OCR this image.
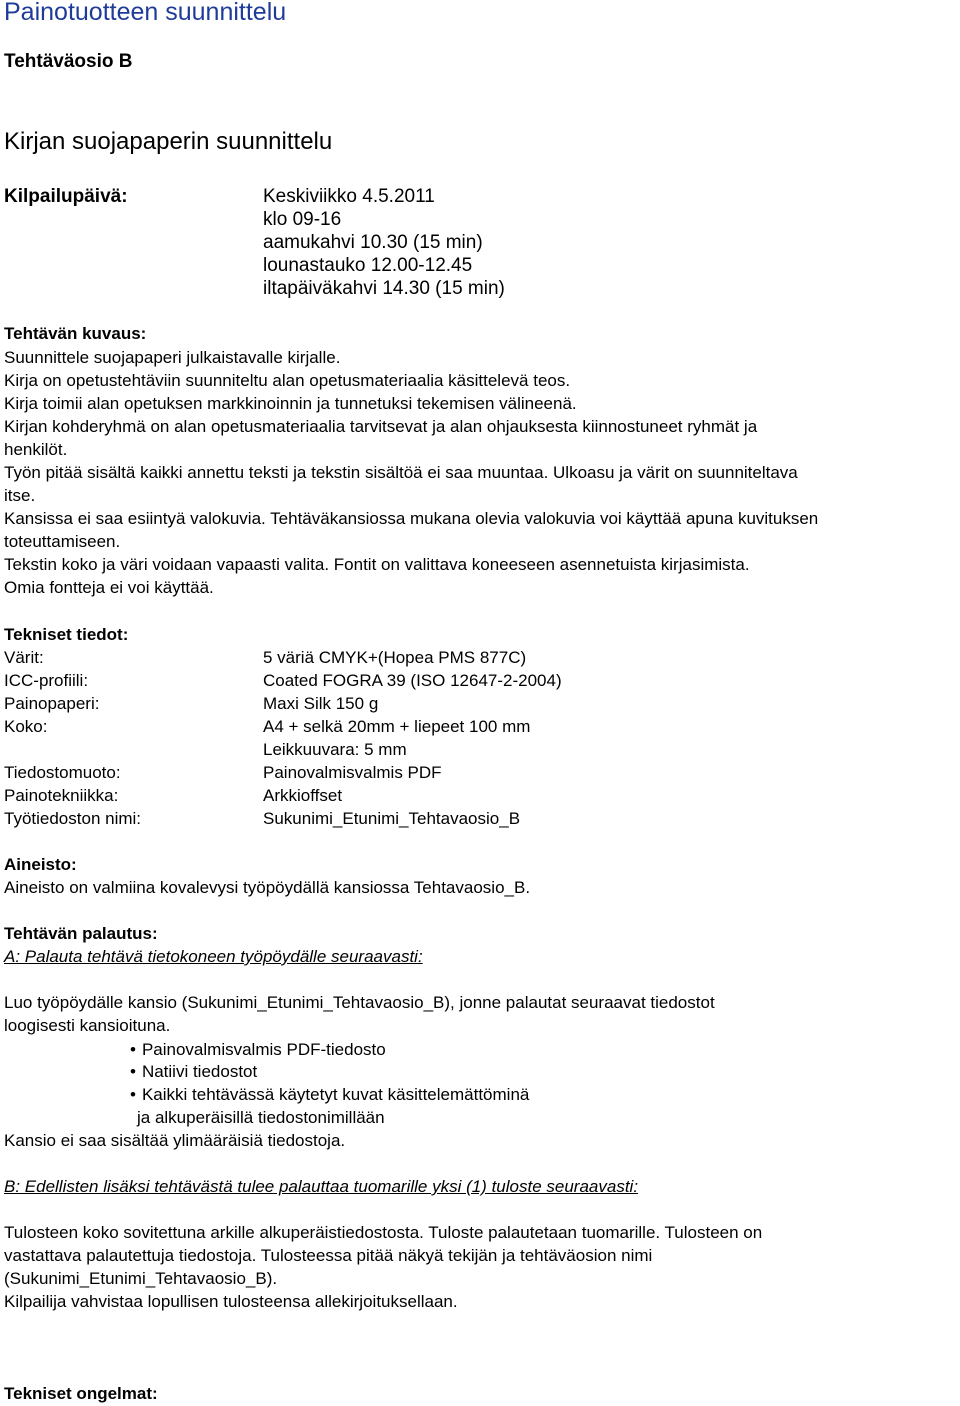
Painotuotteen suunnittelu
Tehtäväosio B
Kirjan suojapaperin suunnittelu
Kilpailupäivä:	Keskiviikko 4.5.2011
klo 09-16
aamukahvi 10.30 (15 min)
lounastauko 12.00-12.45
iltapäiväkahvi 14.30 (15 min)
Tehtävän kuvaus:
Suunnittele suojapaperi julkaistavalle kirjalle.
Kirja on opetustehtäviin suunniteltu alan opetusmateriaalia käsittelevä teos.
Kirja toimii alan opetuksen markkinoinnin ja tunnetuksi tekemisen välineenä.
Kirjan kohderyhmä on alan opetusmateriaalia tarvitsevat ja alan ohjauksesta kiinnostuneet ryhmät ja
henkilöt.
Työn pitää sisältä kaikki annettu teksti ja tekstin sisältöä ei saa muuntaa. Ulkoasu ja värit on suunniteltava
itse.
Kansissa ei saa esiintyä valokuvia. Tehtäväkansiossa mukana olevia valokuvia voi käyttää apuna kuvituksen
toteuttamiseen.
Tekstin koko ja väri voidaan vapaasti valita. Fontit on valittava koneeseen asennetuista kirjasimista.
Omia fontteja ei voi käyttää.
Tekniset tiedot:
Värit:	5 väriä CMYK+(Hopea PMS 877C)
ICC-profiili:	Coated FOGRA 39 (ISO 12647-2-2004)
Painopaperi:	Maxi Silk 150 g
Koko:	A4 + selkä 20mm + liepeet 100 mm
Leikkuuvara: 5 mm
Tiedostomuoto:	Painovalmisvalmis PDF
Painotekniikka:	Arkkioffset
Työtiedoston nimi:	Sukunimi_Etunimi_Tehtavaosio_B
Aineisto:
Aineisto on valmiina kovalevysi työpöydällä kansiossa Tehtavaosio_B.
Tehtävän palautus:
A: Palauta tehtävä tietokoneen työpöydälle seuraavasti:
Luo työpöydälle kansio (Sukunimi_Etunimi_Tehtavaosio_B), jonne palautat seuraavat tiedostot
loogisesti kansioituna.
• Painovalmisvalmis PDF-tiedosto
• Natiivi tiedostot
• Kaikki tehtävässä käytetyt kuvat käsittelemättöminä
ja alkuperäisillä tiedostonimillään
Kansio ei saa sisältää ylimääräisiä tiedostoja.
B: Edellisten lisäksi tehtävästä tulee palauttaa tuomarille yksi (1) tuloste seuraavasti:
Tulosteen koko sovitettuna arkille alkuperäistiedostosta. Tuloste palautetaan tuomarille. Tulosteen on
vastattava palautettuja tiedostoja. Tulosteessa pitää näkyä tekijän ja tehtäväosion nimi
(Sukunimi_Etunimi_Tehtavaosio_B).
Kilpailija vahvistaa lopullisen tulosteensa allekirjoituksellaan.
Tekniset ongelmat:
